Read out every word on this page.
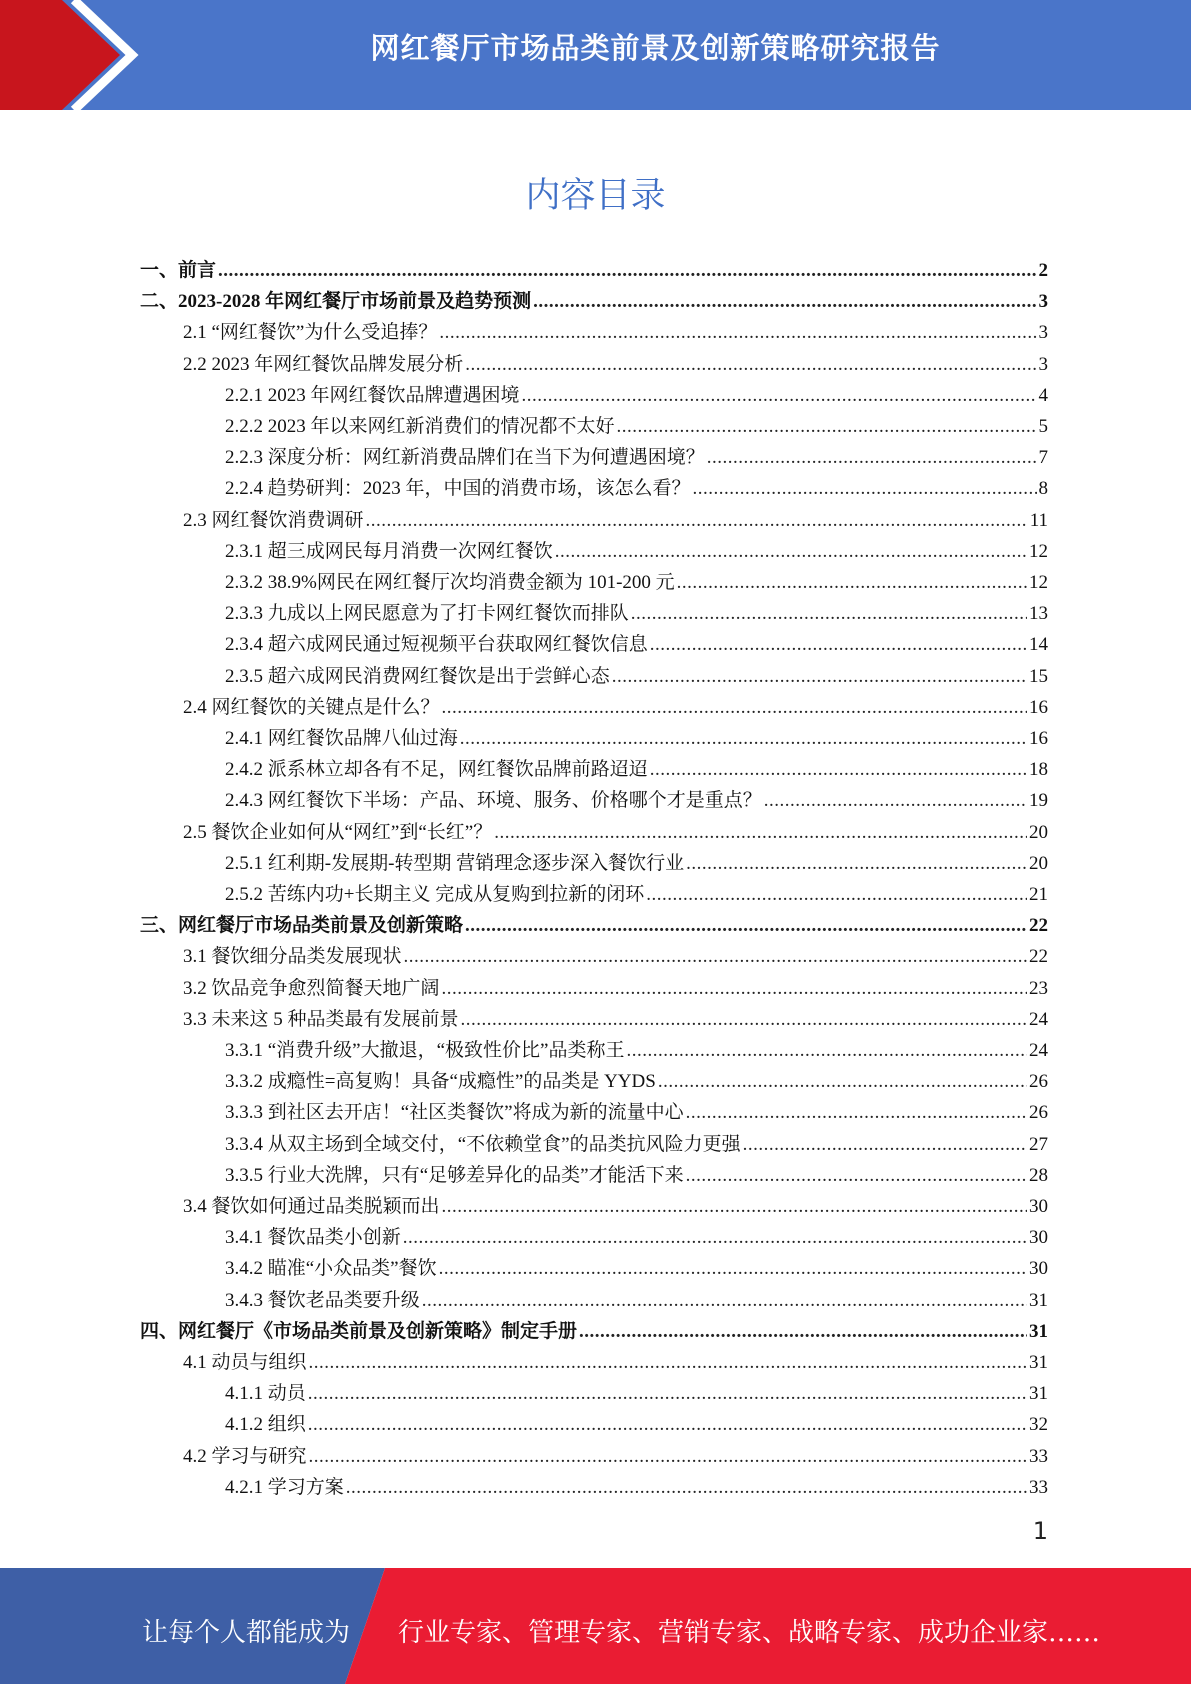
网红餐厅市场品类前景及创新策略研究报告
内容目录
一、前言 .....	2
二、2023-2028 年网红餐厅市场前景及趋势预测 .....	3
2.1 “网红餐饮”为什么受追捧？ .....	3
2.2 2023 年网红餐饮品牌发展分析 .....	3
2.2.1 2023 年网红餐饮品牌遭遇困境 .....	4
2.2.2 2023 年以来网红新消费们的情况都不太好 .....	5
2.2.3 深度分析：网红新消费品牌们在当下为何遭遇困境？ .....	7
2.2.4 趋势研判：2023 年，中国的消费市场，该怎么看？ .....	8
2.3 网红餐饮消费调研 .....	11
2.3.1 超三成网民每月消费一次网红餐饮 .....	12
2.3.2 38.9%网民在网红餐厅次均消费金额为 101-200 元 .....	12
2.3.3 九成以上网民愿意为了打卡网红餐饮而排队 .....	13
2.3.4 超六成网民通过短视频平台获取网红餐饮信息 .....	14
2.3.5 超六成网民消费网红餐饮是出于尝鲜心态 .....	15
2.4 网红餐饮的关键点是什么？ .....	16
2.4.1 网红餐饮品牌八仙过海 .....	16
2.4.2 派系林立却各有不足，网红餐饮品牌前路迢迢 .....	18
2.4.3 网红餐饮下半场：产品、环境、服务、价格哪个才是重点？ .....	19
2.5 餐饮企业如何从“网红”到“长红”？ .....	20
2.5.1 红利期-发展期-转型期 营销理念逐步深入餐饮行业 .....	20
2.5.2 苦练内功+长期主义 完成从复购到拉新的闭环 .....	21
三、网红餐厅市场品类前景及创新策略 .....	22
3.1 餐饮细分品类发展现状 .....	22
3.2 饮品竞争愈烈简餐天地广阔 .....	23
3.3 未来这 5 种品类最有发展前景 .....	24
3.3.1 “消费升级”大撤退，“极致性价比”品类称王 .....	24
3.3.2 成瘾性=高复购！具备“成瘾性”的品类是 YYDS .....	26
3.3.3 到社区去开店！“社区类餐饮”将成为新的流量中心 .....	26
3.3.4 从双主场到全域交付，“不依赖堂食”的品类抗风险力更强 .....	27
3.3.5 行业大洗牌，只有“足够差异化的品类”才能活下来 .....	28
3.4 餐饮如何通过品类脱颖而出 .....	30
3.4.1 餐饮品类小创新 .....	30
3.4.2 瞄准“小众品类”餐饮 .....	30
3.4.3 餐饮老品类要升级 .....	31
四、网红餐厅《市场品类前景及创新策略》制定手册 .....	31
4.1 动员与组织 .....	31
4.1.1 动员 .....	31
4.1.2 组织 .....	32
4.2 学习与研究 .....	33
4.2.1 学习方案 .....	33
1
让每个人都能成为 行业专家、管理专家、营销专家、战略专家、成功企业家……
